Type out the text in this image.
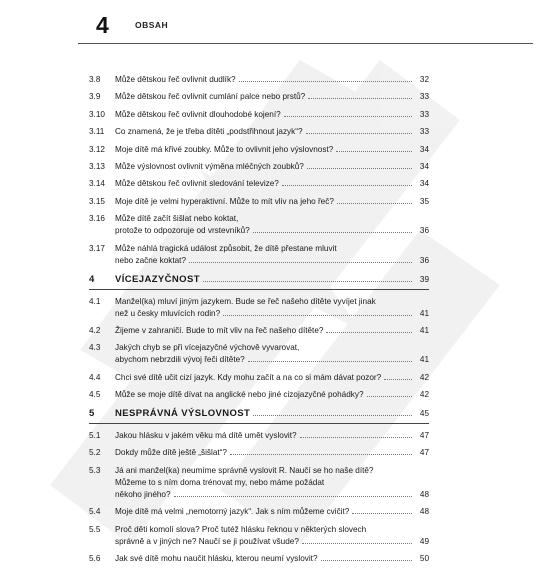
4	OBSAH
3.8	Může dětskou řeč ovlivnit dudlík?	32
3.9	Může dětskou řeč ovlivnit cumlání palce nebo prstů?	33
3.10	Může dětskou řeč ovlivnit dlouhodobé kojení?	33
3.11	Co znamená, že je třeba dítěti „podstřihnout jazyk“?	33
3.12	Moje dítě má křivé zoubky. Může to ovlivnit jeho výslovnost?	34
3.13	Může výslovnost ovlivnit výměna mléčných zoubků?	34
3.14	Může dětskou řeč ovlivnit sledování televize?	34
3.15	Moje dítě je velmi hyperaktivní. Může to mít vliv na jeho řeč?	35
3.16	Může dítě začít šišlat nebo koktat,
protože to odpozoruje od vrstevníků?	36
3.17	Může náhlá tragická událost způsobit, že dítě přestane mluvit
nebo začne koktat?	36
4 VÍCEJAZYČNOST	39
4.1	Manžel(ka) mluví jiným jazykem. Bude se řeč našeho dítěte vyvíjet jinak
než u česky mluvících rodin?	41
4.2	Žijeme v zahraničí. Bude to mít vliv na řeč našeho dítěte?	41
4.3	Jakých chyb se při vícejazyčné výchově vyvarovat,
abychom nebrzdili vývoj řeči dítěte?	41
4.4	Chci své dítě učit cizí jazyk. Kdy mohu začít a na co si mám dávat pozor?	42
4.5	Může se moje dítě dívat na anglické nebo jiné cizojazyčné pohádky?	42
5 NESPRÁVNÁ VÝSLOVNOST	45
5.1	Jakou hlásku v jakém věku má dítě umět vyslovit?	47
5.2	Dokdy může dítě ještě „šišlat“?	47
5.3	Já ani manžel(ka) neumíme správně vyslovit R. Naučí se ho naše dítě?
Můžeme to s ním doma trénovat my, nebo máme požádat
někoho jiného?	48
5.4	Moje dítě má velmi „nemotorný jazyk“. Jak s ním můžeme cvičit?	48
5.5	Proč děti komolí slova? Proč tutéž hlásku řeknou v některých slovech
správně a v jiných ne? Naučí se ji používat všude?	49
5.6	Jak své dítě mohu naučit hlásku, kterou neumí vyslovit?	50
